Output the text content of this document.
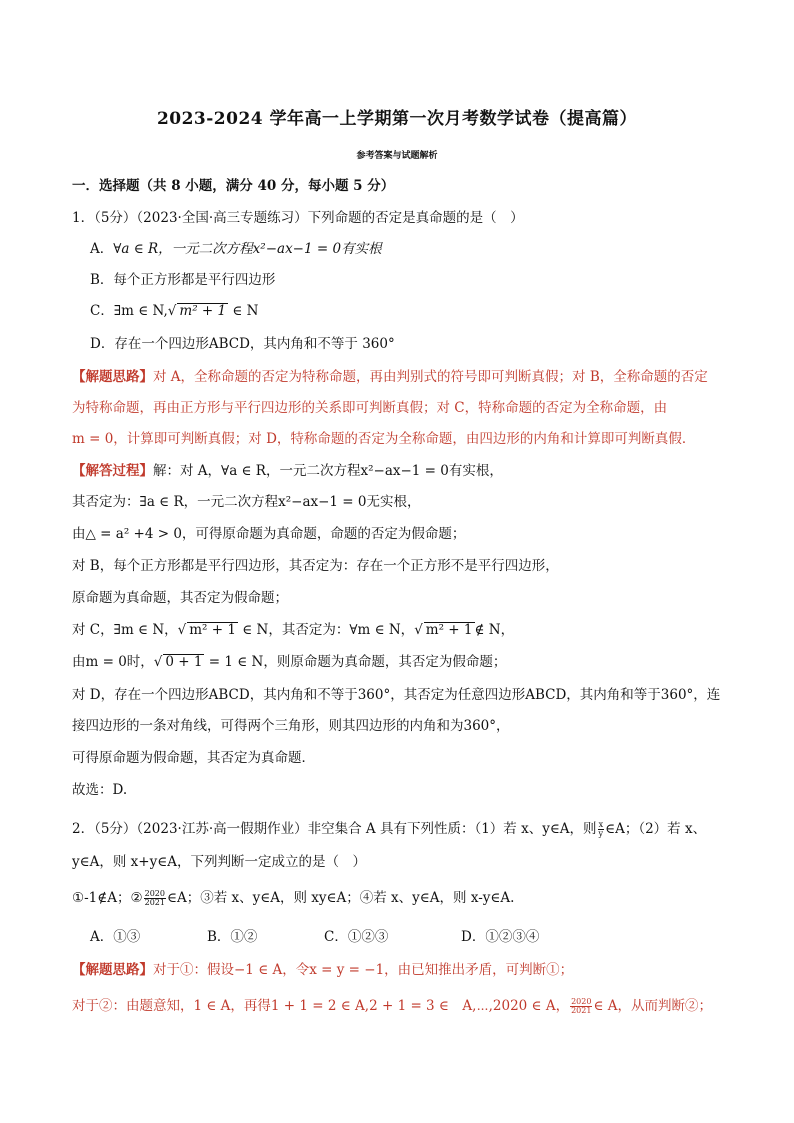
2023-2024 学年高一上学期第一次月考数学试卷（提高篇）
参考答案与试题解析
一．选择题（共 8 小题，满分 40 分，每小题 5 分）
1．（5分）（2023·全国·高三专题练习）下列命题的否定是真命题的是（　）
A．∀a ∈ R，一元二次方程x²−ax−1 = 0有实根
B．每个正方形都是平行四边形
C．∃m ∈ N,√ m² + 1 ∈ N
D．存在一个四边形ABCD，其内角和不等于 360°
【解题思路】对 A，全称命题的否定为特称命题，再由判别式的符号即可判断真假；对 B，全称命题的否定
为特称命题，再由正方形与平行四边形的关系即可判断真假；对 C，特称命题的否定为全称命题，由
m = 0，计算即可判断真假；对 D，特称命题的否定为全称命题，由四边形的内角和计算即可判断真假．
【解答过程】解：对 A，∀a ∈ R，一元二次方程x²−ax−1 = 0有实根，
其否定为：∃a ∈ R，一元二次方程x²−ax−1 = 0无实根，
由△ = a² +4 > 0，可得原命题为真命题，命题的否定为假命题；
对 B，每个正方形都是平行四边形，其否定为：存在一个正方形不是平行四边形，
原命题为真命题，其否定为假命题；
对 C，∃m ∈ N，√ m² + 1 ∈ N，其否定为：∀m ∈ N，√ m² + 1 ∉ N，
由m = 0时，√ 0 + 1 = 1 ∈ N，则原命题为真命题，其否定为假命题；
对 D，存在一个四边形ABCD，其内角和不等于360°，其否定为任意四边形ABCD，其内角和等于360°，连
接四边形的一条对角线，可得两个三角形，则其四边形的内角和为360°，
可得原命题为假命题，其否定为真命题．
故选：D.
2．（5分）（2023·江苏·高一假期作业）非空集合 A 具有下列性质：（1）若 x、y∈A，则 $\frac{x}{y}$ ∈A；（2）若 x、
y∈A，则 x+y∈A，下列判断一定成立的是（　）
①-1∉A；② $\frac{2020}{2021}$ ∈A；③若 x、y∈A，则 xy∈A；④若 x、y∈A，则 x-y∈A.
A．①③	B．①②	C．①②③	D．①②③④
【解题思路】对于①：假设−1 ∈ A，令x = y = −1，由已知推出矛盾，可判断①；
对于②：由题意知，1 ∈ A，再得1 + 1 = 2 ∈ A,2 + 1 = 3 ∈　A,⋯,2020 ∈ A， $\frac{2020}{2021}$ ∈ A，从而判断②；
